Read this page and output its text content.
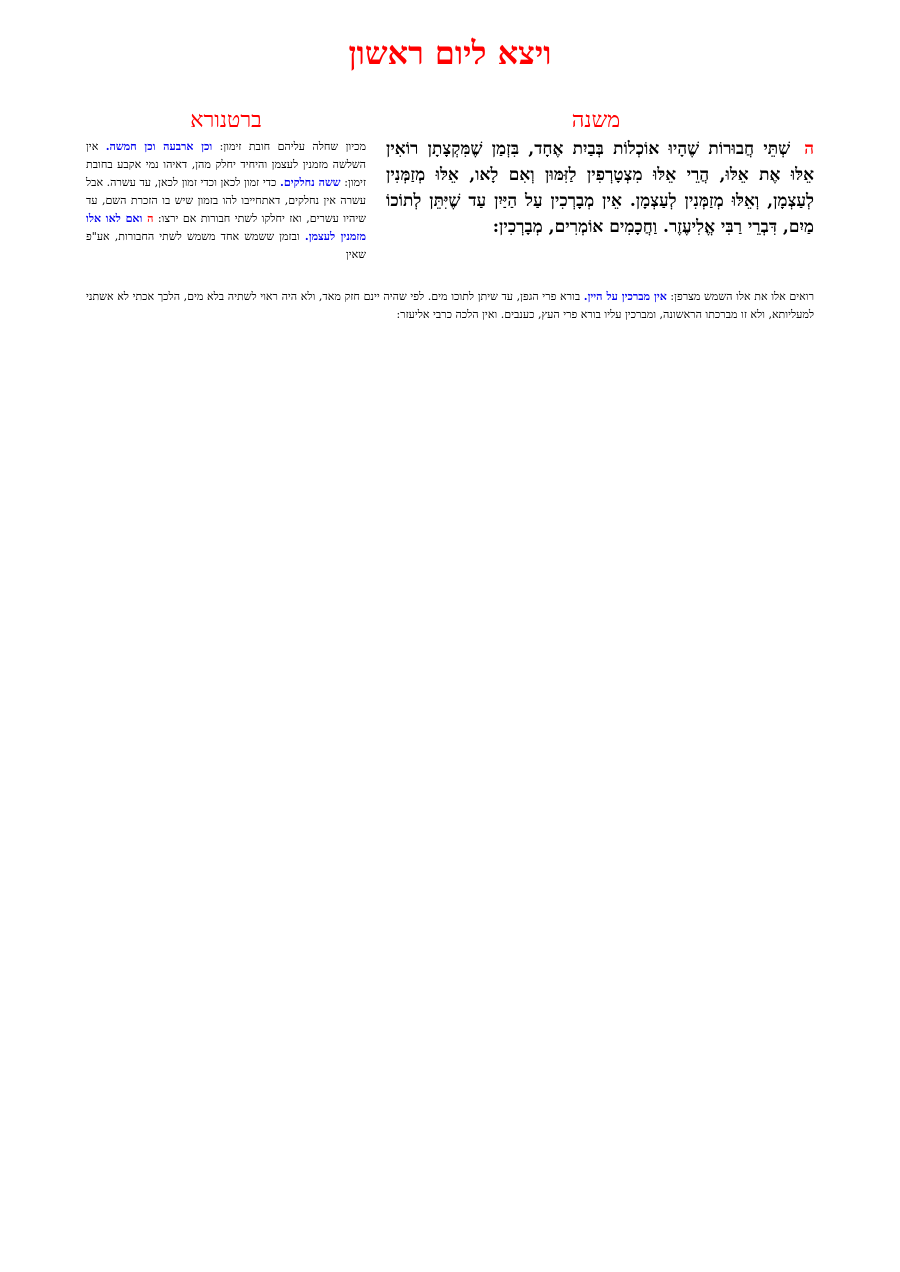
ויצא ליום ראשון
משנה
ברטנורא
השְׁתֵּי חֲבוּרוֹת שֶׁהָיוּ אוֹכְלוֹת בְּבַיִת אֶחָד, בִּזְמַן שֶׁמִּקְצָתָן רוֹאִין אֵלּוּ אֶת אֵלּוּ, הֲרֵי אֵלּוּ מִצְטָרְפִין לַזִּמּוּן וְאִם לָאו, אֵלּוּ מְזַמְּנִין לְעַצְמָן, וְאֵלּוּ מְזַמְּנִין לְעַצְמָן. אֵין מְבָרְכִין עַל הַיַּיִן עַד שֶׁיִּתֵּן לְתוֹכוֹ מַיִם, דִּבְרֵי רַבִּי אֱלִיעֶזֶר. וַחֲכָמִים אוֹמְרִים, מְבָרְכִין:
מכיון שחלה עליהם חובת זימון: וכן ארבעה וכן חמשה. אין השלשה מזמנין לעצמן והיחיד יחלק מהן, דאיהו נמי אקבע בחובת זימון: ששה נחלקים. כדי זמון לכאן וכדי זמון לכאן, עד עשרה. אבל עשרה אין נחלקים, דאתחייבו להו בזמון שיש בו הזכרת השם, עד שיהיו עשרים, ואז יחלקו לשתי חבורות אם ירצו: ה ואם לאו אלו מזמנין לעצמן. ובזמן ששמש אחד משמש לשתי החבורות, אע"פ שאין
רואים אלו את אלו השמש מצרפן: אין מברכין על היין. בורא פרי הגפן, עד שיתן לתוכו מים. לפי שהיה יינם חזק מאד, ולא היה ראוי לשתיה בלא מים, הלכך אכתי לא אשתני למעליותא, ולא זו מברכתו הראשונה, ומברכין עליו בורא פרי העץ, כענבים. ואין הלכה כרבי אליעזר:
